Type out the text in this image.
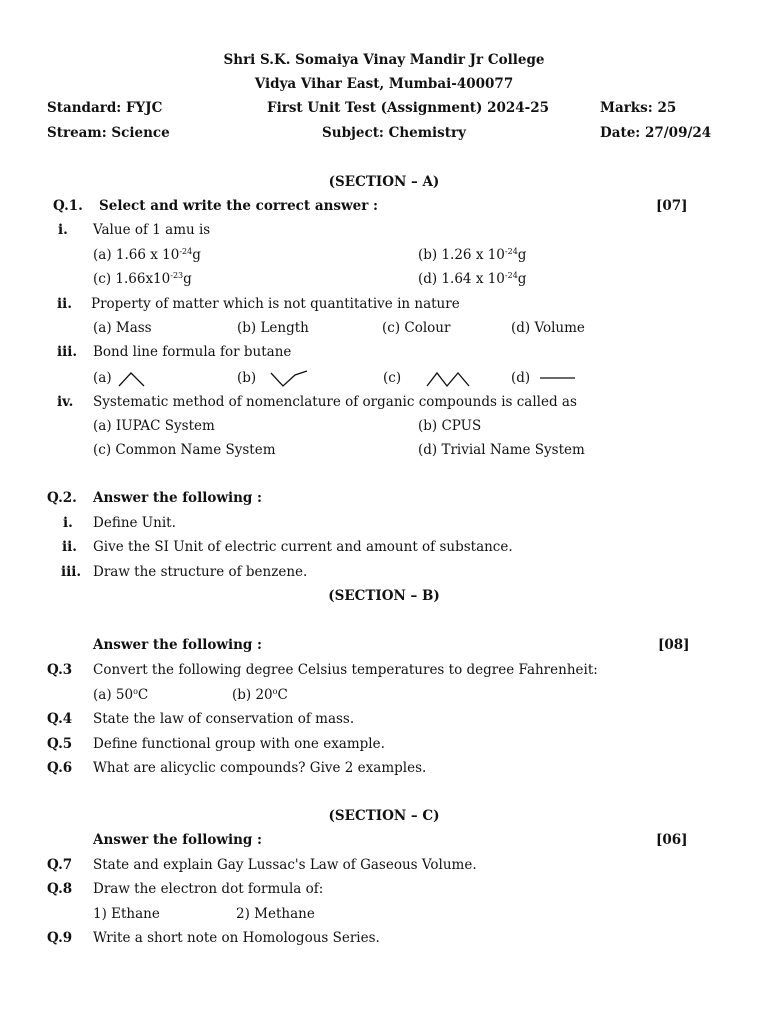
Shri S.K. Somaiya Vinay Mandir Jr College
Vidya Vihar East, Mumbai-400077
Standard: FYJC	First Unit Test (Assignment) 2024-25	Marks: 25
Stream: Science	Subject: Chemistry	Date: 27/09/24
(SECTION – A)
Q.1. Select and write the correct answer :	[07]
i. Value of 1 amu is
(a) 1.66 x $10^{-24}g$	(b) 1.26 x $10^{-24}g$
(c) $1.66x10^{-23}g$	(d) 1.64 x $10^{-24}g$
ii. Property of matter which is not quantitative in nature
(a) Mass	(b) Length	(c) Colour	(d) Volume
iii. Bond line formula for butane
(a)	(b)	(c)	(d)
iv. Systematic method of nomenclature of organic compounds is called as
(a) IUPAC System	(b) CPUS
(c) Common Name System	(d) Trivial Name System
Q.2. Answer the following :
i. Define Unit.
ii. Give the SI Unit of electric current and amount of substance.
iii. Draw the structure of benzene.
(SECTION – B)
Answer the following :	[08]
Q.3 Convert the following degree Celsius temperatures to degree Fahrenheit:
(a) 50$^o$C	(b) 20$^o$C
Q.4 State the law of conservation of mass.
Q.5 Define functional group with one example.
Q.6 What are alicyclic compounds? Give 2 examples.
(SECTION – C)
Answer the following :	[06]
Q.7 State and explain Gay Lussac's Law of Gaseous Volume.
Q.8 Draw the electron dot formula of:
1) Ethane	2) Methane
Q.9 Write a short note on Homologous Series.
